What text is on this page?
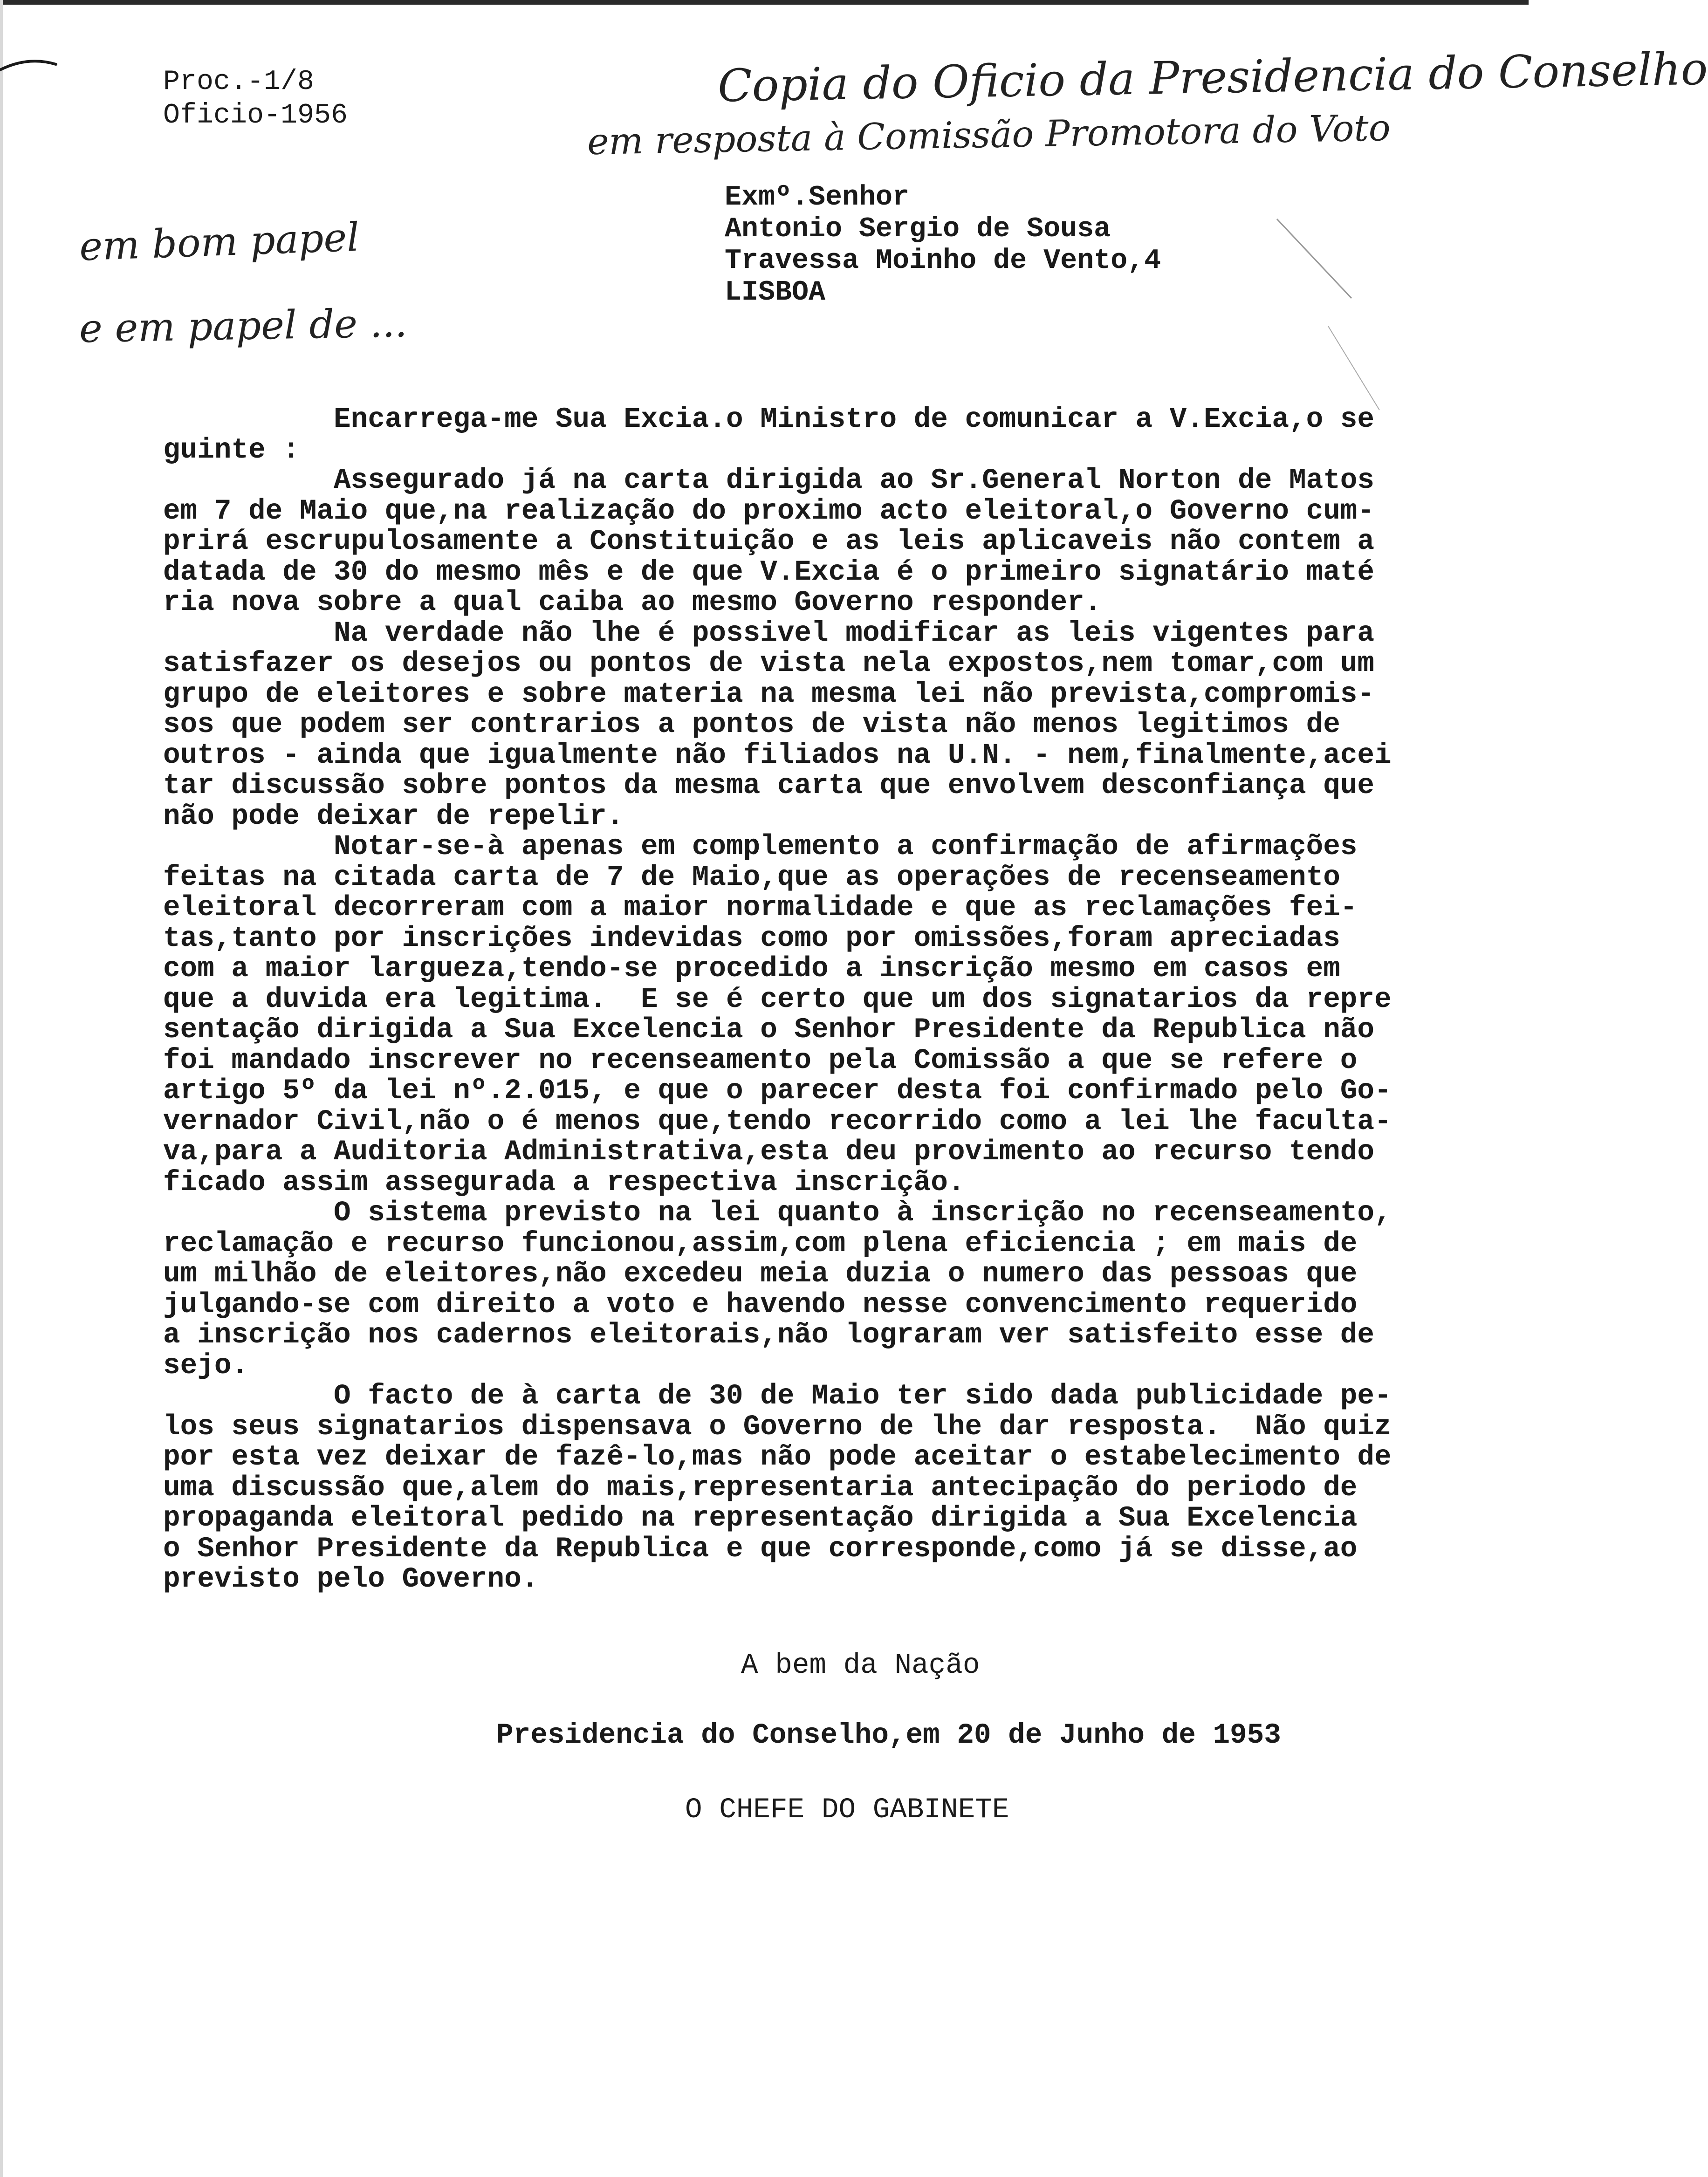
Proc.-1/8
Oficio-1956
Copia do Oficio da Presidencia do Conselho
em resposta à Comissão Promotora do Voto
em bom papel
e em papel de ...
Exmº.Senhor
Antonio Sergio de Sousa
Travessa Moinho de Vento,4
LISBOA
Encarrega-me Sua Excia.o Ministro de comunicar a V.Excia,o se
guinte :
Assegurado já na carta dirigida ao Sr.General Norton de Matos
em 7 de Maio que,na realização do proximo acto eleitoral,o Governo cum-
prirá escrupulosamente a Constituição e as leis aplicaveis não contem a
datada de 30 do mesmo mês e de que V.Excia é o primeiro signatário maté
ria nova sobre a qual caiba ao mesmo Governo responder.
Na verdade não lhe é possivel modificar as leis vigentes para
satisfazer os desejos ou pontos de vista nela expostos,nem tomar,com um
grupo de eleitores e sobre materia na mesma lei não prevista,compromis-
sos que podem ser contrarios a pontos de vista não menos legitimos de
outros - ainda que igualmente não filiados na U.N. - nem,finalmente,acei
tar discussão sobre pontos da mesma carta que envolvem desconfiança que
não pode deixar de repelir.
Notar-se-à apenas em complemento a confirmação de afirmações
feitas na citada carta de 7 de Maio,que as operações de recenseamento
eleitoral decorreram com a maior normalidade e que as reclamações fei-
tas,tanto por inscrições indevidas como por omissões,foram apreciadas
com a maior largueza,tendo-se procedido a inscrição mesmo em casos em
que a duvida era legitima.  E se é certo que um dos signatarios da repre
sentação dirigida a Sua Excelencia o Senhor Presidente da Republica não
foi mandado inscrever no recenseamento pela Comissão a que se refere o
artigo 5º da lei nº.2.015, e que o parecer desta foi confirmado pelo Go-
vernador Civil,não o é menos que,tendo recorrido como a lei lhe faculta-
va,para a Auditoria Administrativa,esta deu provimento ao recurso tendo
ficado assim assegurada a respectiva inscrição.
O sistema previsto na lei quanto à inscrição no recenseamento,
reclamação e recurso funcionou,assim,com plena eficiencia ; em mais de
um milhão de eleitores,não excedeu meia duzia o numero das pessoas que
julgando-se com direito a voto e havendo nesse convencimento requerido
a inscrição nos cadernos eleitorais,não lograram ver satisfeito esse de
sejo.
O facto de à carta de 30 de Maio ter sido dada publicidade pe-
los seus signatarios dispensava o Governo de lhe dar resposta.  Não quiz
por esta vez deixar de fazê-lo,mas não pode aceitar o estabelecimento de
uma discussão que,alem do mais,representaria antecipação do periodo de
propaganda eleitoral pedido na representação dirigida a Sua Excelencia
o Senhor Presidente da Republica e que corresponde,como já se disse,ao
previsto pelo Governo.
A bem da Nação
Presidencia do Conselho,em 20 de Junho de 1953
O CHEFE DO GABINETE
